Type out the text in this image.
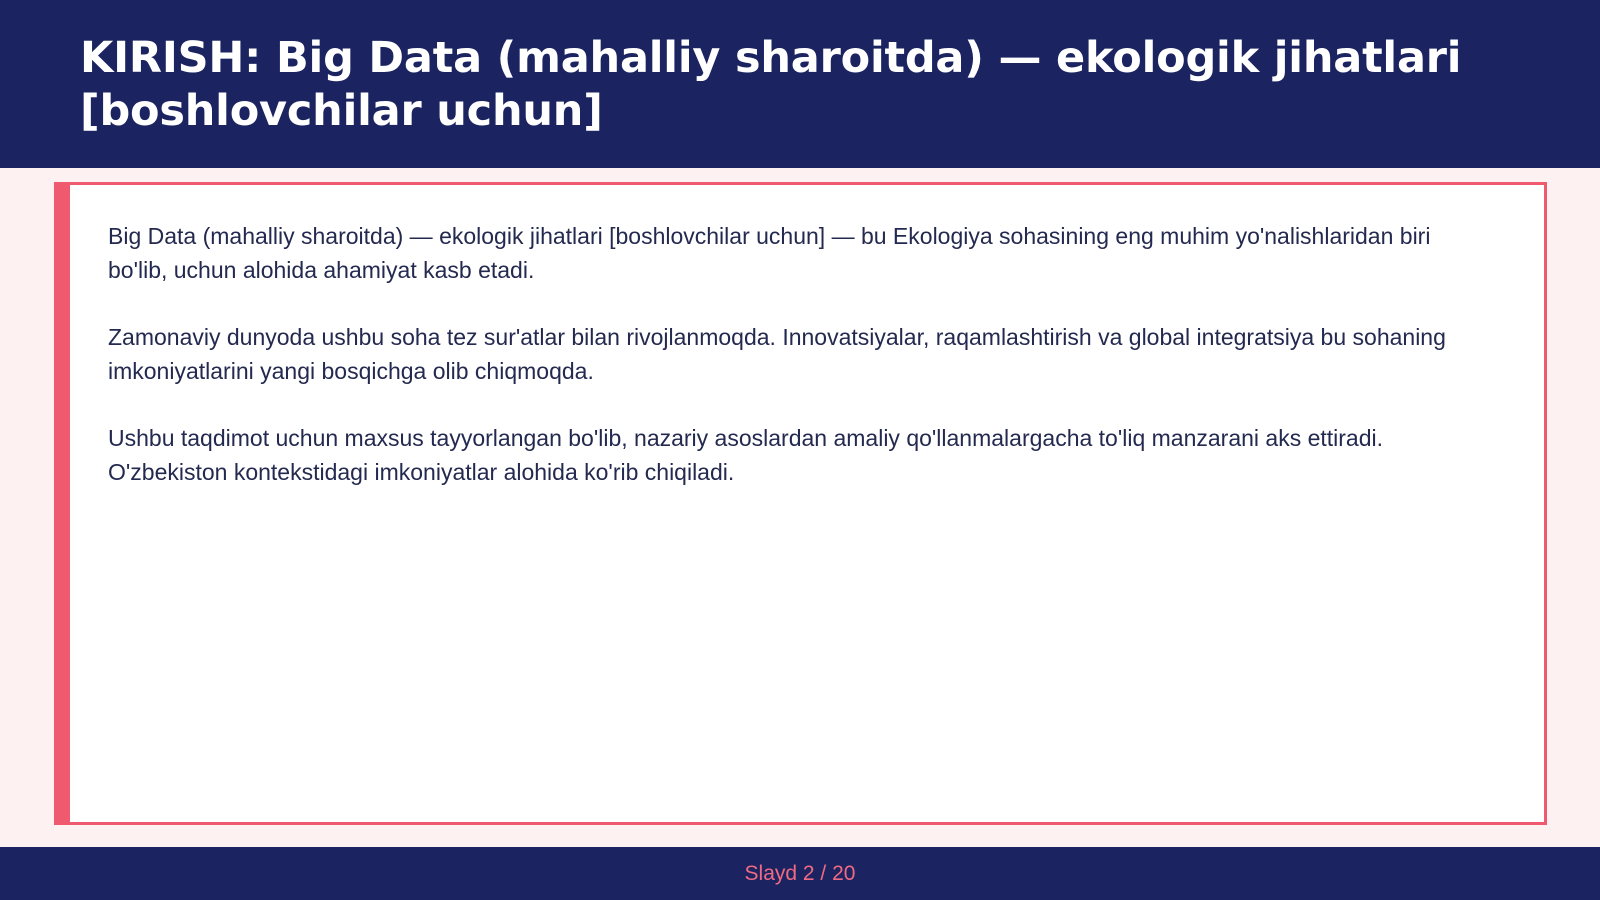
KIRISH: Big Data (mahalliy sharoitda) — ekologik jihatlari [boshlovchilar uchun]

Big Data (mahalliy sharoitda) — ekologik jihatlari [boshlovchilar uchun] — bu Ekologiya sohasining eng muhim yo'nalishlaridan biri bo'lib, uchun alohida ahamiyat kasb etadi.

Zamonaviy dunyoda ushbu soha tez sur'atlar bilan rivojlanmoqda. Innovatsiyalar, raqamlashtirish va global integratsiya bu sohaning imkoniyatlarini yangi bosqichga olib chiqmoqda.

Ushbu taqdimot uchun maxsus tayyorlangan bo'lib, nazariy asoslardan amaliy qo'llanmalargacha to'liq manzarani aks ettiradi. O'zbekiston kontekstidagi imkoniyatlar alohida ko'rib chiqiladi.

Slayd 2 / 20
